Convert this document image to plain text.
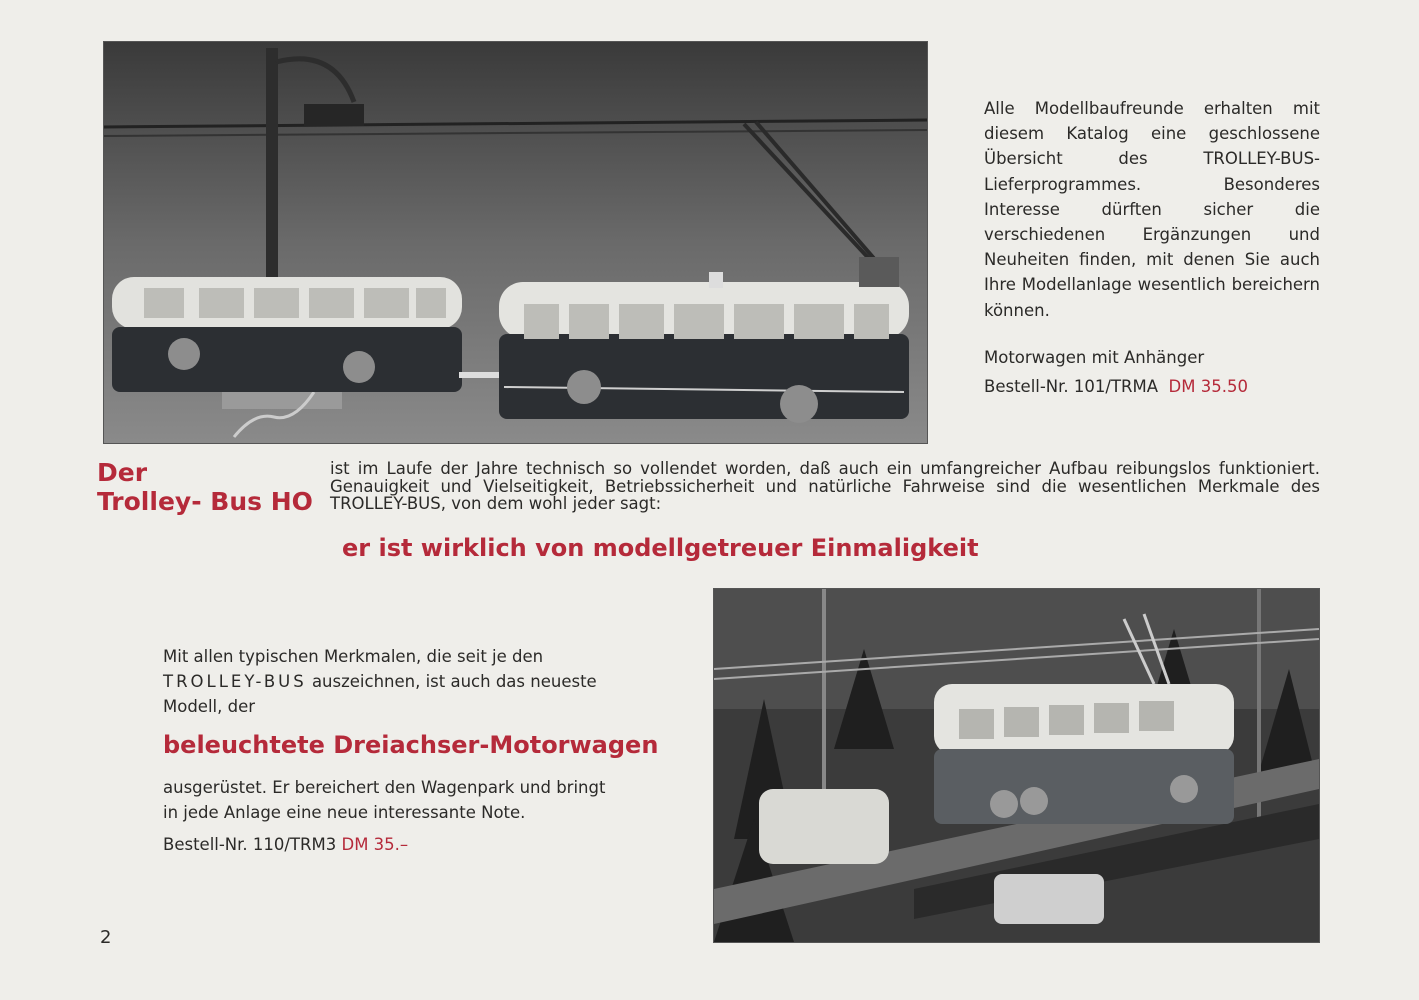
Alle Modellbaufreunde erhalten mit diesem Katalog eine geschlossene Übersicht des TROLLEY-BUS-Lieferprogrammes. Besonderes Interesse dürften sicher die verschiedenen Ergänzungen und Neuheiten finden, mit denen Sie auch Ihre Modellanlage wesentlich bereichern können.
Motorwagen mit Anhänger
Bestell-Nr. 101/TRMA DM 35.50
Der
Trolley- Bus HO
ist im Laufe der Jahre technisch so vollendet worden, daß auch ein umfangreicher Aufbau reibungslos funktioniert. Genauigkeit und Vielseitigkeit, Betriebssicherheit und natürliche Fahrweise sind die wesentlichen Merkmale des TROLLEY-BUS, von dem wohl jeder sagt:
er ist wirklich von modellgetreuer Einmaligkeit
Mit allen typischen Merkmalen, die seit je den
TROLLEY-BUS auszeichnen, ist auch das neueste
Modell, der
beleuchtete Dreiachser-Motorwagen
ausgerüstet. Er bereichert den Wagenpark und bringt
in jede Anlage eine neue interessante Note.
Bestell-Nr. 110/TRM3 DM 35.–
2
